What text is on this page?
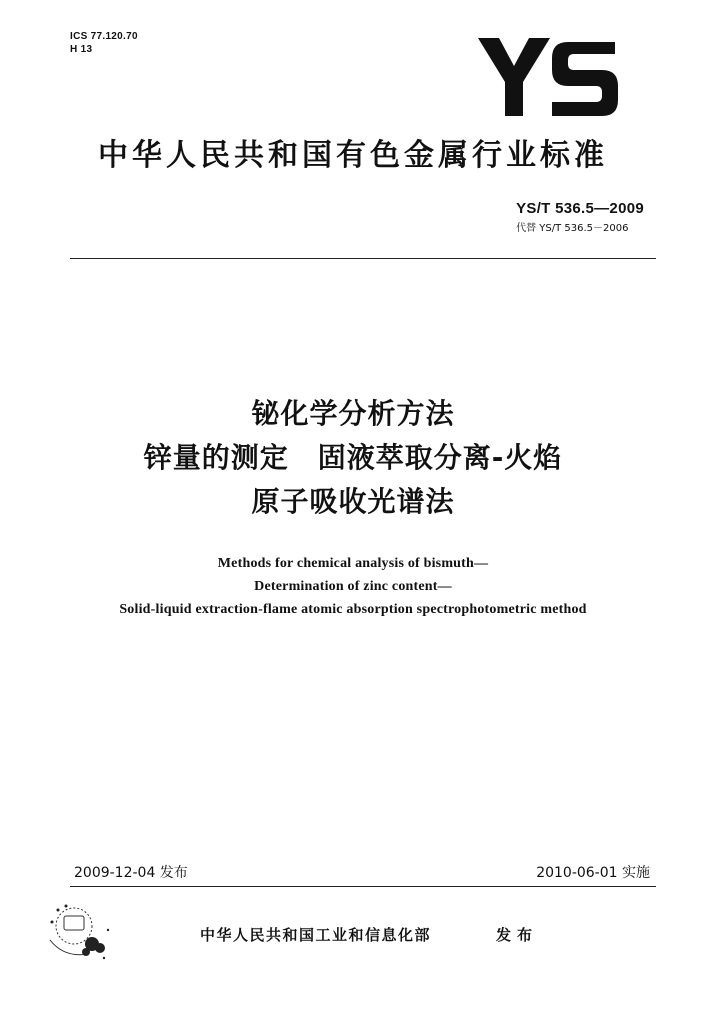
ICS 77.120.70
H 13
中华人民共和国有色金属行业标准
YS/T 536.5—2009
代替 YS/T 536.5－2006
铋化学分析方法
锌量的测定　固液萃取分离-火焰
原子吸收光谱法
Methods for chemical analysis of bismuth—
Determination of zinc content—
Solid-liquid extraction-flame atomic absorption spectrophotometric method
2009-12-04 发布	2010-06-01 实施
中华人民共和国工业和信息化部	发布
